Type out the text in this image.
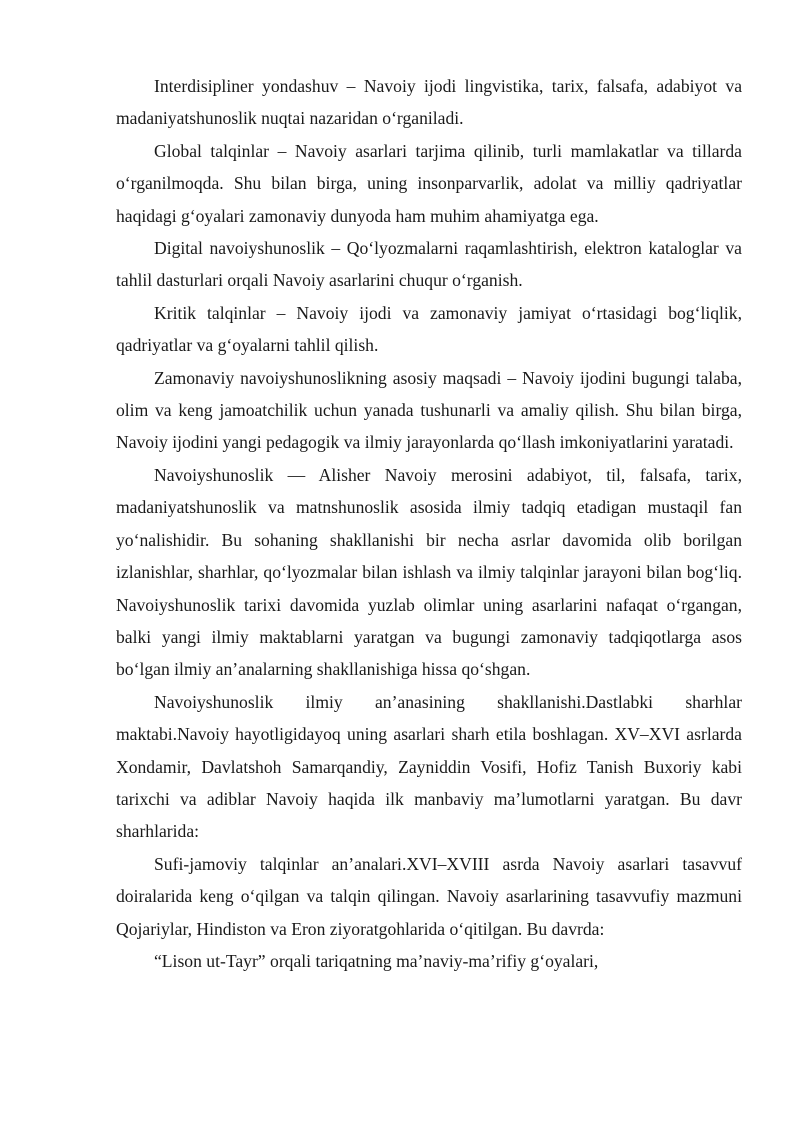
Interdisipliner yondashuv – Navoiy ijodi lingvistika, tarix, falsafa, adabiyot va madaniyatshunoslik nuqtai nazaridan o‘rganiladi.

Global talqinlar – Navoiy asarlari tarjima qilinib, turli mamlakatlar va tillarda o‘rganilmoqda. Shu bilan birga, uning insonparvarlik, adolat va milliy qadriyatlar haqidagi g‘oyalari zamonaviy dunyoda ham muhim ahamiyatga ega.

Digital navoiyshunoslik – Qo‘lyozmalarni raqamlashtirish, elektron kataloglar va tahlil dasturlari orqali Navoiy asarlarini chuqur o‘rganish.

Kritik talqinlar – Navoiy ijodi va zamonaviy jamiyat o‘rtasidagi bog‘liqlik, qadriyatlar va g‘oyalarni tahlil qilish.

Zamonaviy navoiyshunoslikning asosiy maqsadi – Navoiy ijodini bugungi talaba, olim va keng jamoatchilik uchun yanada tushunarli va amaliy qilish. Shu bilan birga, Navoiy ijodini yangi pedagogik va ilmiy jarayonlarda qo‘llash imkoniyatlarini yaratadi.

Navoiyshunoslik — Alisher Navoiy merosini adabiyot, til, falsafa, tarix, madaniyatshunoslik va matnshunoslik asosida ilmiy tadqiq etadigan mustaqil fan yo‘nalishidir. Bu sohaning shakllanishi bir necha asrlar davomida olib borilgan izlanishlar, sharhlar, qo‘lyozmalar bilan ishlash va ilmiy talqinlar jarayoni bilan bog‘liq. Navoiyshunoslik tarixi davomida yuzlab olimlar uning asarlarini nafaqat o‘rgangan, balki yangi ilmiy maktablarni yaratgan va bugungi zamonaviy tadqiqotlarga asos bo‘lgan ilmiy an’analarning shakllanishiga hissa qo‘shgan.

Navoiyshunoslik ilmiy an’anasining shakllanishi.Dastlabki sharhlar maktabi.Navoiy hayotligidayoq uning asarlari sharh etila boshlagan. XV–XVI asrlarda Xondamir, Davlatshoh Samarqandiy, Zayniddin Vosifi, Hofiz Tanish Buxoriy kabi tarixchi va adiblar Navoiy haqida ilk manbaviy ma’lumotlarni yaratgan. Bu davr sharhlarida:

Sufi-jamoviy talqinlar an’analari.XVI–XVIII asrda Navoiy asarlari tasavvuf doiralarida keng o‘qilgan va talqin qilingan. Navoiy asarlarining tasavvufiy mazmuni Qojariylar, Hindiston va Eron ziyoratgohlarida o‘qitilgan. Bu davrda:

“Lison ut-Tayr” orqali tariqatning ma’naviy-ma’rifiy g‘oyalari,
